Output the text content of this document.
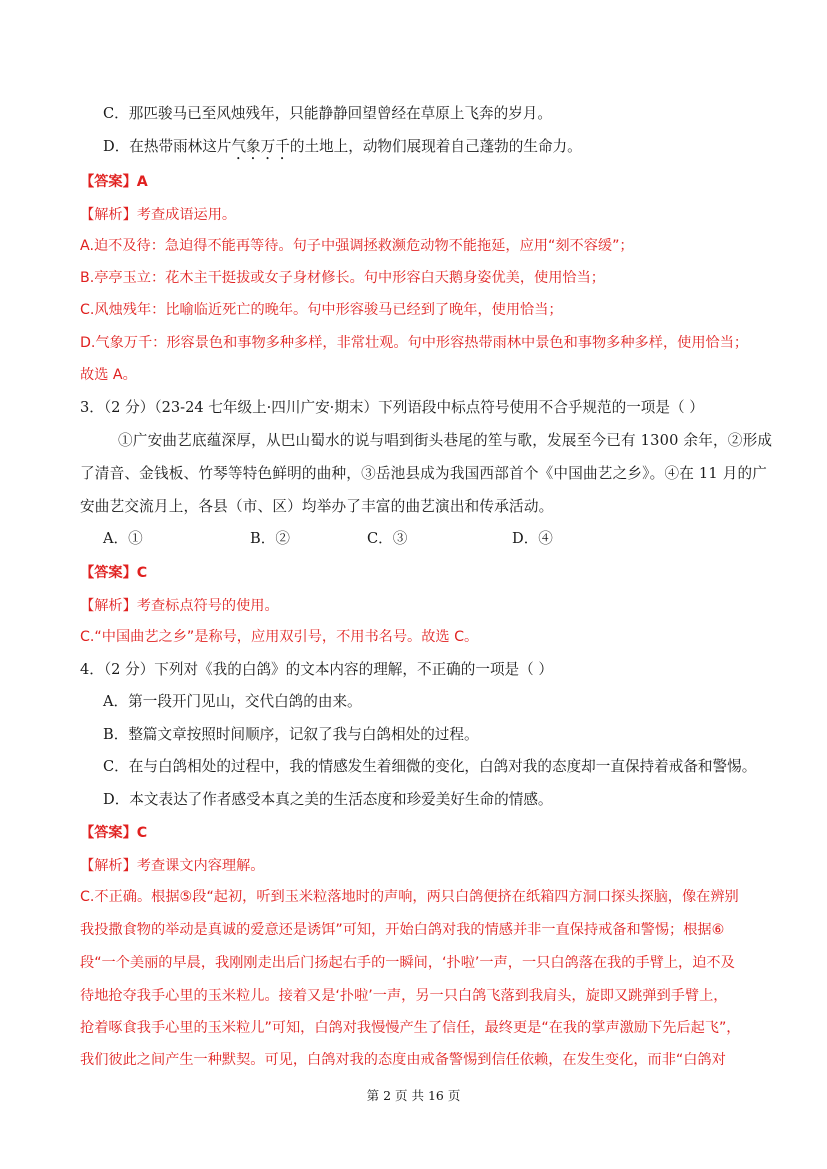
C．那匹骏马已至风烛残年，只能静静回望曾经在草原上飞奔的岁月。
D．在热带雨林这片气象万千的土地上，动物们展现着自己蓬勃的生命力。
【答案】A
【解析】考查成语运用。
A.迫不及待：急迫得不能再等待。句子中强调拯救濒危动物不能拖延，应用“刻不容缓”；
B.亭亭玉立：花木主干挺拔或女子身材修长。句中形容白天鹅身姿优美，使用恰当；
C.风烛残年：比喻临近死亡的晚年。句中形容骏马已经到了晚年，使用恰当；
D.气象万千：形容景色和事物多种多样，非常壮观。句中形容热带雨林中景色和事物多种多样，使用恰当；
故选 A。
3．（2 分）（23-24 七年级上·四川广安·期末）下列语段中标点符号使用不合乎规范的一项是（ ）
①广安曲艺底蕴深厚，从巴山蜀水的说与唱到街头巷尾的笙与歌，发展至今已有 1300 余年，②形成
了清音、金钱板、竹琴等特色鲜明的曲种，③岳池县成为我国西部首个《中国曲艺之乡》。④在 11 月的广
安曲艺交流月上，各县（市、区）均举办了丰富的曲艺演出和传承活动。
A．①	B．②	C．③	D．④
【答案】C
【解析】考查标点符号的使用。
C.“中国曲艺之乡”是称号，应用双引号，不用书名号。故选 C。
4．（2 分）下列对《我的白鸽》的文本内容的理解，不正确的一项是（ ）
A．第一段开门见山，交代白鸽的由来。
B．整篇文章按照时间顺序，记叙了我与白鸽相处的过程。
C．在与白鸽相处的过程中，我的情感发生着细微的变化，白鸽对我的态度却一直保持着戒备和警惕。
D．本文表达了作者感受本真之美的生活态度和珍爱美好生命的情感。
【答案】C
【解析】考查课文内容理解。
C.不正确。根据⑤段“起初，听到玉米粒落地时的声响，两只白鸽便挤在纸箱四方洞口探头探脑，像在辨别
我投撒食物的举动是真诚的爱意还是诱饵”可知，开始白鸽对我的情感并非一直保持戒备和警惕；根据⑥
段“一个美丽的早晨，我刚刚走出后门扬起右手的一瞬间，‘扑啦’一声，一只白鸽落在我的手臂上，迫不及
待地抢夺我手心里的玉米粒儿。接着又是‘扑啦’一声，另一只白鸽飞落到我肩头，旋即又跳弹到手臂上，
抢着啄食我手心里的玉米粒儿”可知，白鸽对我慢慢产生了信任，最终更是“在我的掌声激励下先后起飞”，
我们彼此之间产生一种默契。可见，白鸽对我的态度由戒备警惕到信任依赖，在发生变化，而非“白鸽对
第 2 页 共 16 页
